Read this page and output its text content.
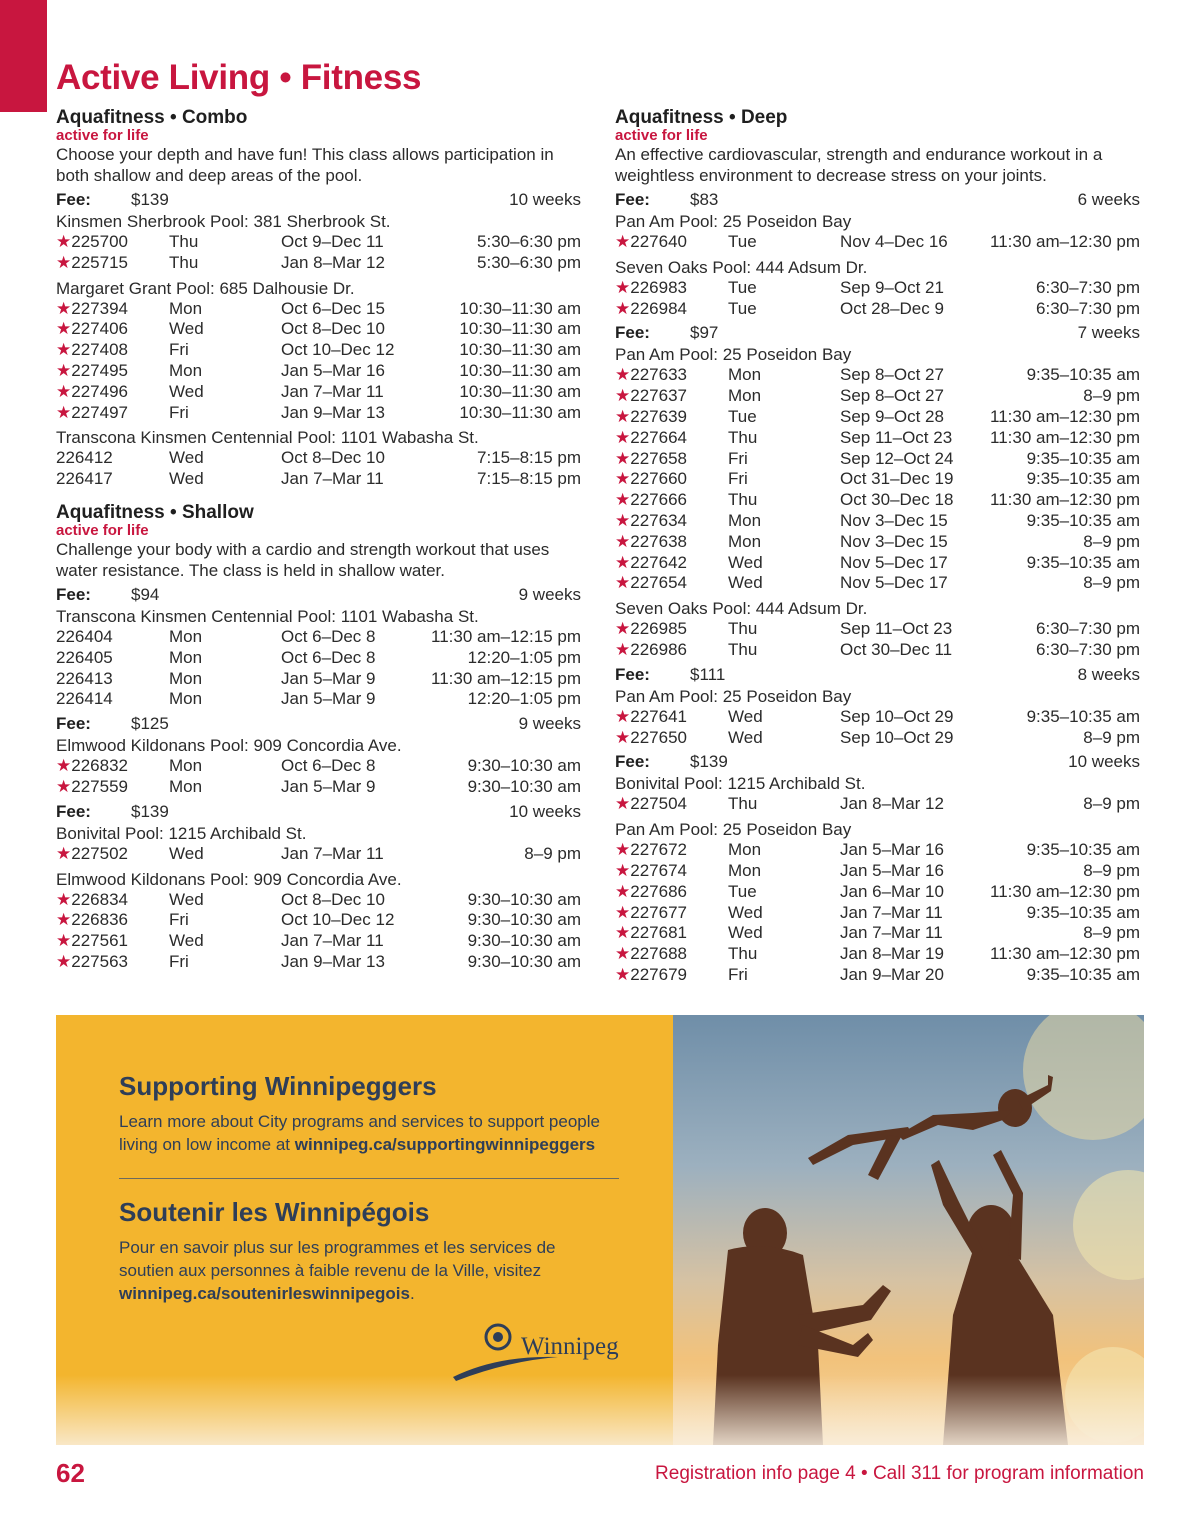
Active Living • Fitness
Aquafitness • Combo
active for life

Choose your depth and have fun! This class allows participation in both shallow and deep areas of the pool.

Fee:	$139	10 weeks
Kinsmen Sherbrook Pool: 381 Sherbrook St.
★225700	Thu	Oct 9–Dec 11	5:30–6:30 pm
★225715	Thu	Jan 8–Mar 12	5:30–6:30 pm
Margaret Grant Pool: 685 Dalhousie Dr.
★227394	Mon	Oct 6–Dec 15	10:30–11:30 am
★227406	Wed	Oct 8–Dec 10	10:30–11:30 am
★227408	Fri	Oct 10–Dec 12	10:30–11:30 am
★227495	Mon	Jan 5–Mar 16	10:30–11:30 am
★227496	Wed	Jan 7–Mar 11	10:30–11:30 am
★227497	Fri	Jan 9–Mar 13	10:30–11:30 am
Transcona Kinsmen Centennial Pool: 1101 Wabasha St.
226412	Wed	Oct 8–Dec 10	7:15–8:15 pm
226417	Wed	Jan 7–Mar 11	7:15–8:15 pm
Aquafitness • Shallow
active for life

Challenge your body with a cardio and strength workout that uses water resistance. The class is held in shallow water.

Fee:	$94	9 weeks
Transcona Kinsmen Centennial Pool: 1101 Wabasha St.
226404	Mon	Oct 6–Dec 8	11:30 am–12:15 pm
226405	Mon	Oct 6–Dec 8	12:20–1:05 pm
226413	Mon	Jan 5–Mar 9	11:30 am–12:15 pm
226414	Mon	Jan 5–Mar 9	12:20–1:05 pm
Fee:	$125	9 weeks
Elmwood Kildonans Pool: 909 Concordia Ave.
★226832	Mon	Oct 6–Dec 8	9:30–10:30 am
★227559	Mon	Jan 5–Mar 9	9:30–10:30 am
Fee:	$139	10 weeks
Bonivital Pool: 1215 Archibald St.
★227502	Wed	Jan 7–Mar 11	8–9 pm
Elmwood Kildonans Pool: 909 Concordia Ave.
★226834	Wed	Oct 8–Dec 10	9:30–10:30 am
★226836	Fri	Oct 10–Dec 12	9:30–10:30 am
★227561	Wed	Jan 7–Mar 11	9:30–10:30 am
★227563	Fri	Jan 9–Mar 13	9:30–10:30 am
Aquafitness • Deep
active for life

An effective cardiovascular, strength and endurance workout in a weightless environment to decrease stress on your joints.

Fee:	$83	6 weeks
Pan Am Pool: 25 Poseidon Bay
★227640	Tue	Nov 4–Dec 16	11:30 am–12:30 pm
Seven Oaks Pool: 444 Adsum Dr.
★226983	Tue	Sep 9–Oct 21	6:30–7:30 pm
★226984	Tue	Oct 28–Dec 9	6:30–7:30 pm
Fee:	$97	7 weeks
Pan Am Pool: 25 Poseidon Bay
★227633	Mon	Sep 8–Oct 27	9:35–10:35 am
★227637	Mon	Sep 8–Oct 27	8–9 pm
★227639	Tue	Sep 9–Oct 28	11:30 am–12:30 pm
★227664	Thu	Sep 11–Oct 23	11:30 am–12:30 pm
★227658	Fri	Sep 12–Oct 24	9:35–10:35 am
★227660	Fri	Oct 31–Dec 19	9:35–10:35 am
★227666	Thu	Oct 30–Dec 18	11:30 am–12:30 pm
★227634	Mon	Nov 3–Dec 15	9:35–10:35 am
★227638	Mon	Nov 3–Dec 15	8–9 pm
★227642	Wed	Nov 5–Dec 17	9:35–10:35 am
★227654	Wed	Nov 5–Dec 17	8–9 pm
Seven Oaks Pool: 444 Adsum Dr.
★226985	Thu	Sep 11–Oct 23	6:30–7:30 pm
★226986	Thu	Oct 30–Dec 11	6:30–7:30 pm
Fee:	$111	8 weeks
Pan Am Pool: 25 Poseidon Bay
★227641	Wed	Sep 10–Oct 29	9:35–10:35 am
★227650	Wed	Sep 10–Oct 29	8–9 pm
Fee:	$139	10 weeks
Bonivital Pool: 1215 Archibald St.
★227504	Thu	Jan 8–Mar 12	8–9 pm
Pan Am Pool: 25 Poseidon Bay
★227672	Mon	Jan 5–Mar 16	9:35–10:35 am
★227674	Mon	Jan 5–Mar 16	8–9 pm
★227686	Tue	Jan 6–Mar 10	11:30 am–12:30 pm
★227677	Wed	Jan 7–Mar 11	9:35–10:35 am
★227681	Wed	Jan 7–Mar 11	8–9 pm
★227688	Thu	Jan 8–Mar 19	11:30 am–12:30 pm
★227679	Fri	Jan 9–Mar 20	9:35–10:35 am
Supporting Winnipeggers

Learn more about City programs and services to support people living on low income at winnipeg.ca/supportingwinnipeggers

Soutenir les Winnipégois

Pour en savoir plus sur les programmes et les services de soutien aux personnes à faible revenu de la Ville, visitez winnipeg.ca/soutenirleswinnipegois.

Winnipeg
62	Registration info page 4 • Call 311 for program information
